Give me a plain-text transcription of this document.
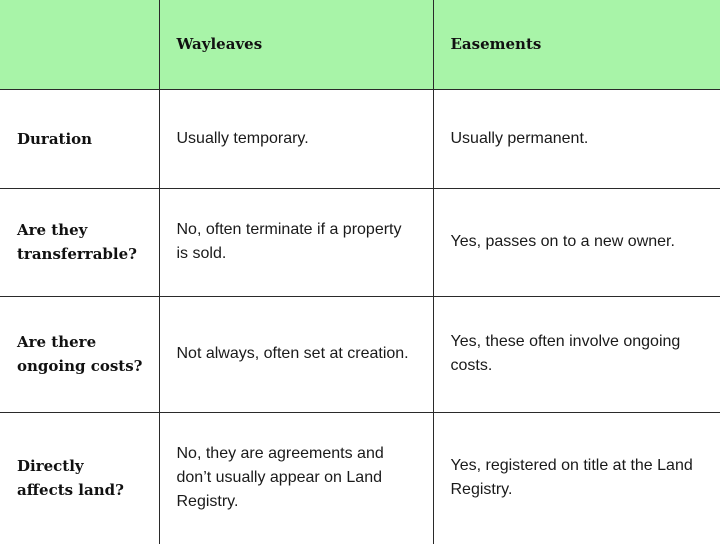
	Wayleaves	Easements
Duration	Usually temporary.	Usually permanent.
Are they transferrable?	No, often terminate if a property is sold.	Yes, passes on to a new owner.
Are there ongoing costs?	Not always, often set at creation.	Yes, these often involve ongoing costs.
Directly affects land?	No, they are agreements and don’t usually appear on Land Registry.	Yes, registered on title at the Land Registry.
